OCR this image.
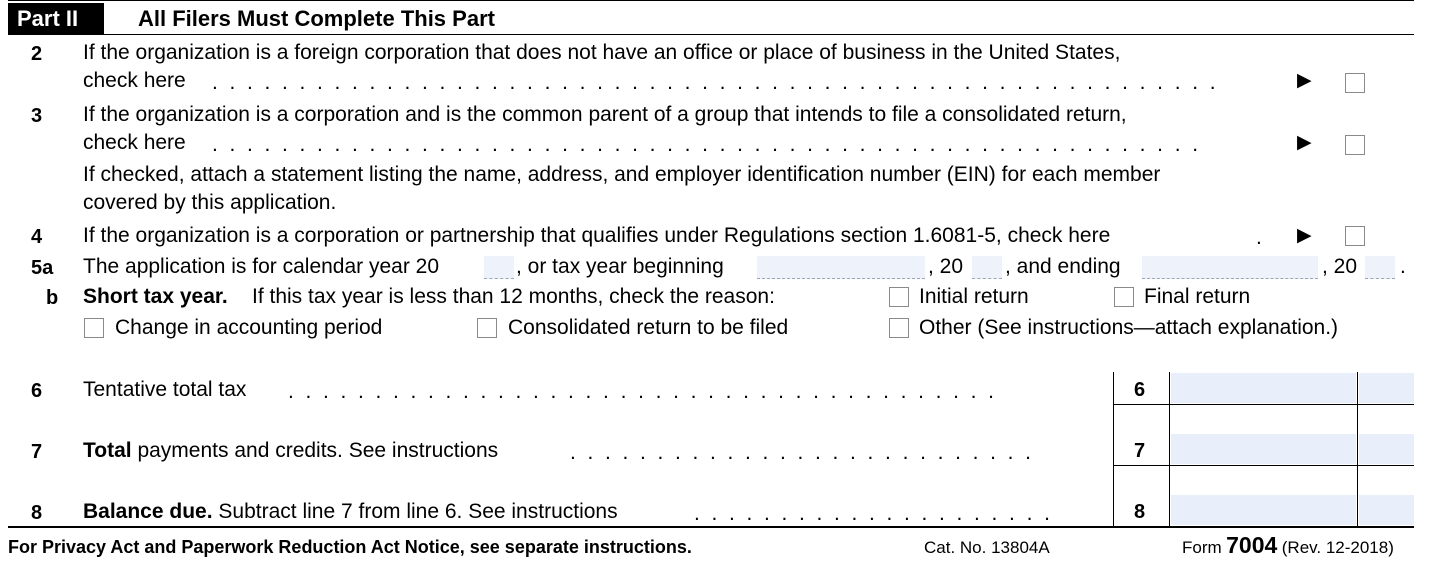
Part II	All Filers Must Complete This Part
2 If the organization is a foreign corporation that does not have an office or place of business in the United States,
check here .  .  .  .  .  .  .  .  .  .  .  .  .  .  .  .  .  .  .  .  .  .  .  .  .  .  .  .  .  .  .  .  .  .  .  .  .  .  .  .  .  .  .  .  .  .  .  .  .  .  .  .  .  .  .  .  .  .	▶
3 If the organization is a corporation and is the common parent of a group that intends to file a consolidated return,
check here .  .  .  .  .  .  .  .  .  .  .  .  .  .  .  .  .  .  .  .  .  .  .  .  .  .  .  .  .  .  .  .  .  .  .  .  .  .  .  .  .  .  .  .  .  .  .  .  .  .  .  .  .  .  .  .  .	▶
If checked, attach a statement listing the name, address, and employer identification number (EIN) for each member
covered by this application.
4 If the organization is a corporation or partnership that qualifies under Regulations section 1.6081-5, check here	.	▶
5a The application is for calendar year 20	, or tax year beginning	, 20 , and ending	, 20 .
b Short tax year. If this tax year is less than 12 months, check the reason:	Initial return	Final return
Change in accounting period	Consolidated return to be filed	Other (See instructions—attach explanation.)
6 Tentative total tax .  .  .  .  .  .  .  .  .  .  .  .  .  .  .  .  .  .  .  .  .  .  .  .  .  .  .  .  .  .  .  .  .  .  .  .  .  .  .  .  .	6
7 Total payments and credits. See instructions	.  .  .  .  .  .  .  .  .  .  .  .  .  .  .  .  .  .  .  .  .  .  .  .  .  .  .	7
8 Balance due. Subtract line 7 from line 6. See instructions	.  .  .  .  .  .  .  .  .  .  .  .  .  .  .  .  .  .  .  .  .	8
For Privacy Act and Paperwork Reduction Act Notice, see separate instructions.	Cat. No. 13804A	Form 7004 (Rev. 12-2018)
